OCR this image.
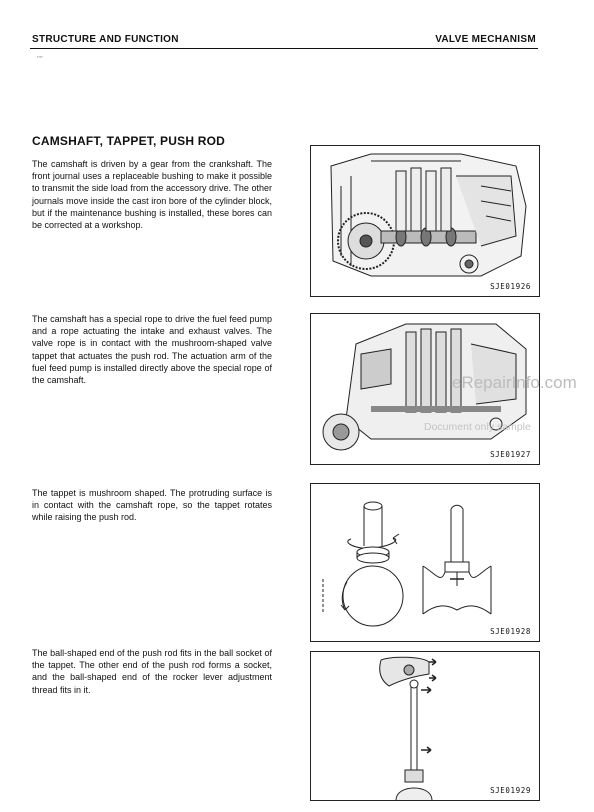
STRUCTURE AND FUNCTION	VALVE MECHANISM
""
CAMSHAFT, TAPPET, PUSH ROD
The camshaft is driven by a gear from the crankshaft. The front journal uses a replaceable bushing to make it possible to transmit the side load from the accessory drive. The other journals move inside the cast iron bore of the cylinder block, but if the maintenance bushing is installed, these bores can be corrected at a workshop.
The camshaft has a special rope to drive the fuel feed pump and a rope actuating the intake and exhaust valves. The valve rope is in contact with the mushroom-shaped valve tappet that actuates the push rod. The actuation arm of the fuel feed pump is installed directly above the special rope of the camshaft.
The tappet is mushroom shaped. The protruding surface is in contact with the camshaft rope, so the tappet rotates while raising the push rod.
The ball-shaped end of the push rod fits in the ball socket of the tappet. The other end of the push rod forms a socket, and the ball-shaped end of the rocker lever adjustment thread fits in it.
SJE01926
SJE01927
SJE01928
SJE01929
eRepairInfo.com
Document only sample
